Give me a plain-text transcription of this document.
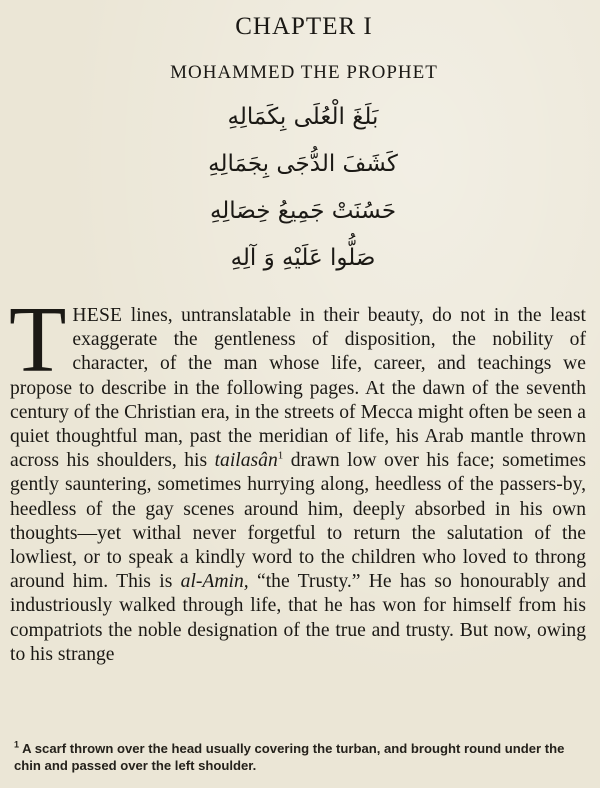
CHAPTER I
MOHAMMED THE PROPHET
بَلَغَ الْعُلَى بِكَمَالِهِ
كَشَفَ الدُّجَى بِجَمَالِهِ
حَسُنَتْ جَمِيعُ خِصَالِهِ
صَلُّوا عَلَيْهِ وَ آلِهِ
THESE lines, untranslatable in their beauty, do not in the least exaggerate the gentleness of disposition, the nobility of character, of the man whose life, career, and teachings we propose to describe in the following pages. At the dawn of the seventh century of the Christian era, in the streets of Mecca might often be seen a quiet thoughtful man, past the meridian of life, his Arab mantle thrown across his shoulders, his tailasân$^1$ drawn low over his face; sometimes gently sauntering, sometimes hurrying along, heedless of the passers-by, heedless of the gay scenes around him, deeply absorbed in his own thoughts—yet withal never forgetful to return the salutation of the lowliest, or to speak a kindly word to the children who loved to throng around him. This is al-Amin, “the Trusty.” He has so honourably and industriously walked through life, that he has won for himself from his compatriots the noble designation of the true and trusty. But now, owing to his strange
$^1$ A scarf thrown over the head usually covering the turban, and brought round under the chin and passed over the left shoulder.
